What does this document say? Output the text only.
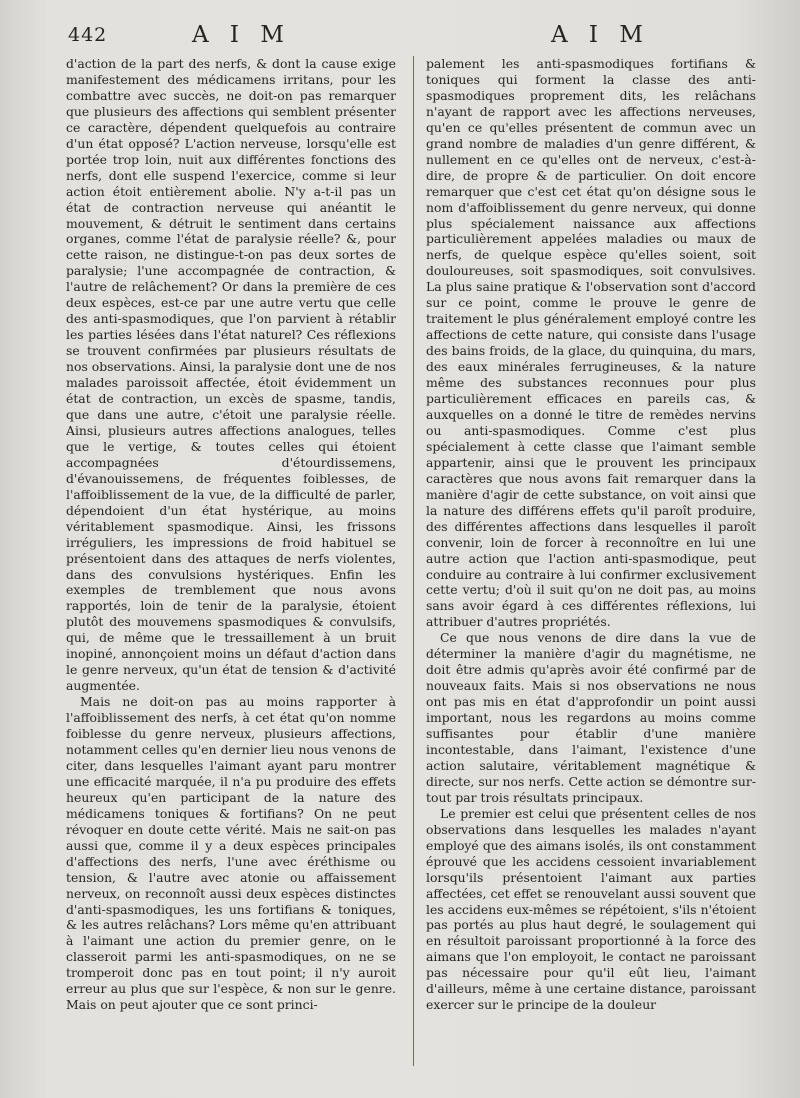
442	A I M	A I M

d'action de la part des nerfs, & dont la cause exige manifestement des médicamens irritans, pour les combattre avec succès, ne doit-on pas remarquer que plusieurs des affections qui semblent présenter ce caractère, dépendent quelquefois au contraire d'un état opposé? L'action nerveuse, lorsqu'elle est portée trop loin, nuit aux différentes fonctions des nerfs, dont elle suspend l'exercice, comme si leur action étoit entièrement abolie. N'y a-t-il pas un état de contraction nerveuse qui anéantit le mouvement, & détruit le sentiment dans certains organes, comme l'état de paralysie réelle? &, pour cette raison, ne distingue-t-on pas deux sortes de paralysie; l'une accompagnée de contraction, & l'autre de relâchement? Or dans la première de ces deux espèces, est-ce par une autre vertu que celle des anti-spasmodiques, que l'on parvient à rétablir les parties lésées dans l'état naturel? Ces réflexions se trouvent confirmées par plusieurs résultats de nos observations. Ainsi, la paralysie dont une de nos malades paroissoit affectée, étoit évidemment un état de contraction, un excès de spasme, tandis, que dans une autre, c'étoit une paralysie réelle. Ainsi, plusieurs autres affections analogues, telles que le vertige, & toutes celles qui étoient accompagnées d'étourdissemens, d'évanouissemens, de fréquentes foiblesses, de l'affoiblissement de la vue, de la difficulté de parler, dépendoient d'un état hystérique, au moins véritablement spasmodique. Ainsi, les frissons irréguliers, les impressions de froid habituel se présentoient dans des attaques de nerfs violentes, dans des convulsions hystériques. Enfin les exemples de tremblement que nous avons rapportés, loin de tenir de la paralysie, étoient plutôt des mouvemens spasmodiques & convulsifs, qui, de même que le tressaillement à un bruit inopiné, annonçoient moins un défaut d'action dans le genre nerveux, qu'un état de tension & d'activité augmentée.

Mais ne doit-on pas au moins rapporter à l'affoiblissement des nerfs, à cet état qu'on nomme foiblesse du genre nerveux, plusieurs affections, notamment celles qu'en dernier lieu nous venons de citer, dans lesquelles l'aimant ayant paru montrer une efficacité marquée, il n'a pu produire des effets heureux qu'en participant de la nature des médicamens toniques & fortifians? On ne peut révoquer en doute cette vérité. Mais ne sait-on pas aussi que, comme il y a deux espèces principales d'affections des nerfs, l'une avec éréthisme ou tension, & l'autre avec atonie ou affaissement nerveux, on reconnoît aussi deux espèces distinctes d'anti-spasmodiques, les uns fortifians & toniques, & les autres relâchans? Lors même qu'en attribuant à l'aimant une action du premier genre, on le classeroit parmi les anti-spasmodiques, on ne se tromperoit donc pas en tout point; il n'y auroit erreur au plus que sur l'espèce, & non sur le genre. Mais on peut ajouter que ce sont princi-

palement les anti-spasmodiques fortifians & toniques qui forment la classe des anti-spasmodiques proprement dits, les relâchans n'ayant de rapport avec les affections nerveuses, qu'en ce qu'elles présentent de commun avec un grand nombre de maladies d'un genre différent, & nullement en ce qu'elles ont de nerveux, c'est-à-dire, de propre & de particulier. On doit encore remarquer que c'est cet état qu'on désigne sous le nom d'affoiblissement du genre nerveux, qui donne plus spécialement naissance aux affections particulièrement appelées maladies ou maux de nerfs, de quelque espèce qu'elles soient, soit douloureuses, soit spasmodiques, soit convulsives. La plus saine pratique & l'observation sont d'accord sur ce point, comme le prouve le genre de traitement le plus généralement employé contre les affections de cette nature, qui consiste dans l'usage des bains froids, de la glace, du quinquina, du mars, des eaux minérales ferrugineuses, & la nature même des substances reconnues pour plus particulièrement efficaces en pareils cas, & auxquelles on a donné le titre de remèdes nervins ou anti-spasmodiques. Comme c'est plus spécialement à cette classe que l'aimant semble appartenir, ainsi que le prouvent les principaux caractères que nous avons fait remarquer dans la manière d'agir de cette substance, on voit ainsi que la nature des différens effets qu'il paroît produire, des différentes affections dans lesquelles il paroît convenir, loin de forcer à reconnoître en lui une autre action que l'action anti-spasmodique, peut conduire au contraire à lui confirmer exclusivement cette vertu; d'où il suit qu'on ne doit pas, au moins sans avoir égard à ces différentes réflexions, lui attribuer d'autres propriétés.

Ce que nous venons de dire dans la vue de déterminer la manière d'agir du magnétisme, ne doit être admis qu'après avoir été confirmé par de nouveaux faits. Mais si nos observations ne nous ont pas mis en état d'approfondir un point aussi important, nous les regardons au moins comme suffisantes pour établir d'une manière incontestable, dans l'aimant, l'existence d'une action salutaire, véritablement magnétique & directe, sur nos nerfs. Cette action se démontre sur-tout par trois résultats principaux.

Le premier est celui que présentent celles de nos observations dans lesquelles les malades n'ayant employé que des aimans isolés, ils ont constamment éprouvé que les accidens cessoient invariablement lorsqu'ils présentoient l'aimant aux parties affectées, cet effet se renouvelant aussi souvent que les accidens eux-mêmes se répétoient, s'ils n'étoient pas portés au plus haut degré, le soulagement qui en résultoit paroissant proportionné à la force des aimans que l'on employoit, le contact ne paroissant pas nécessaire pour qu'il eût lieu, l'aimant d'ailleurs, même à une certaine distance, paroissant exercer sur le principe de la douleur
